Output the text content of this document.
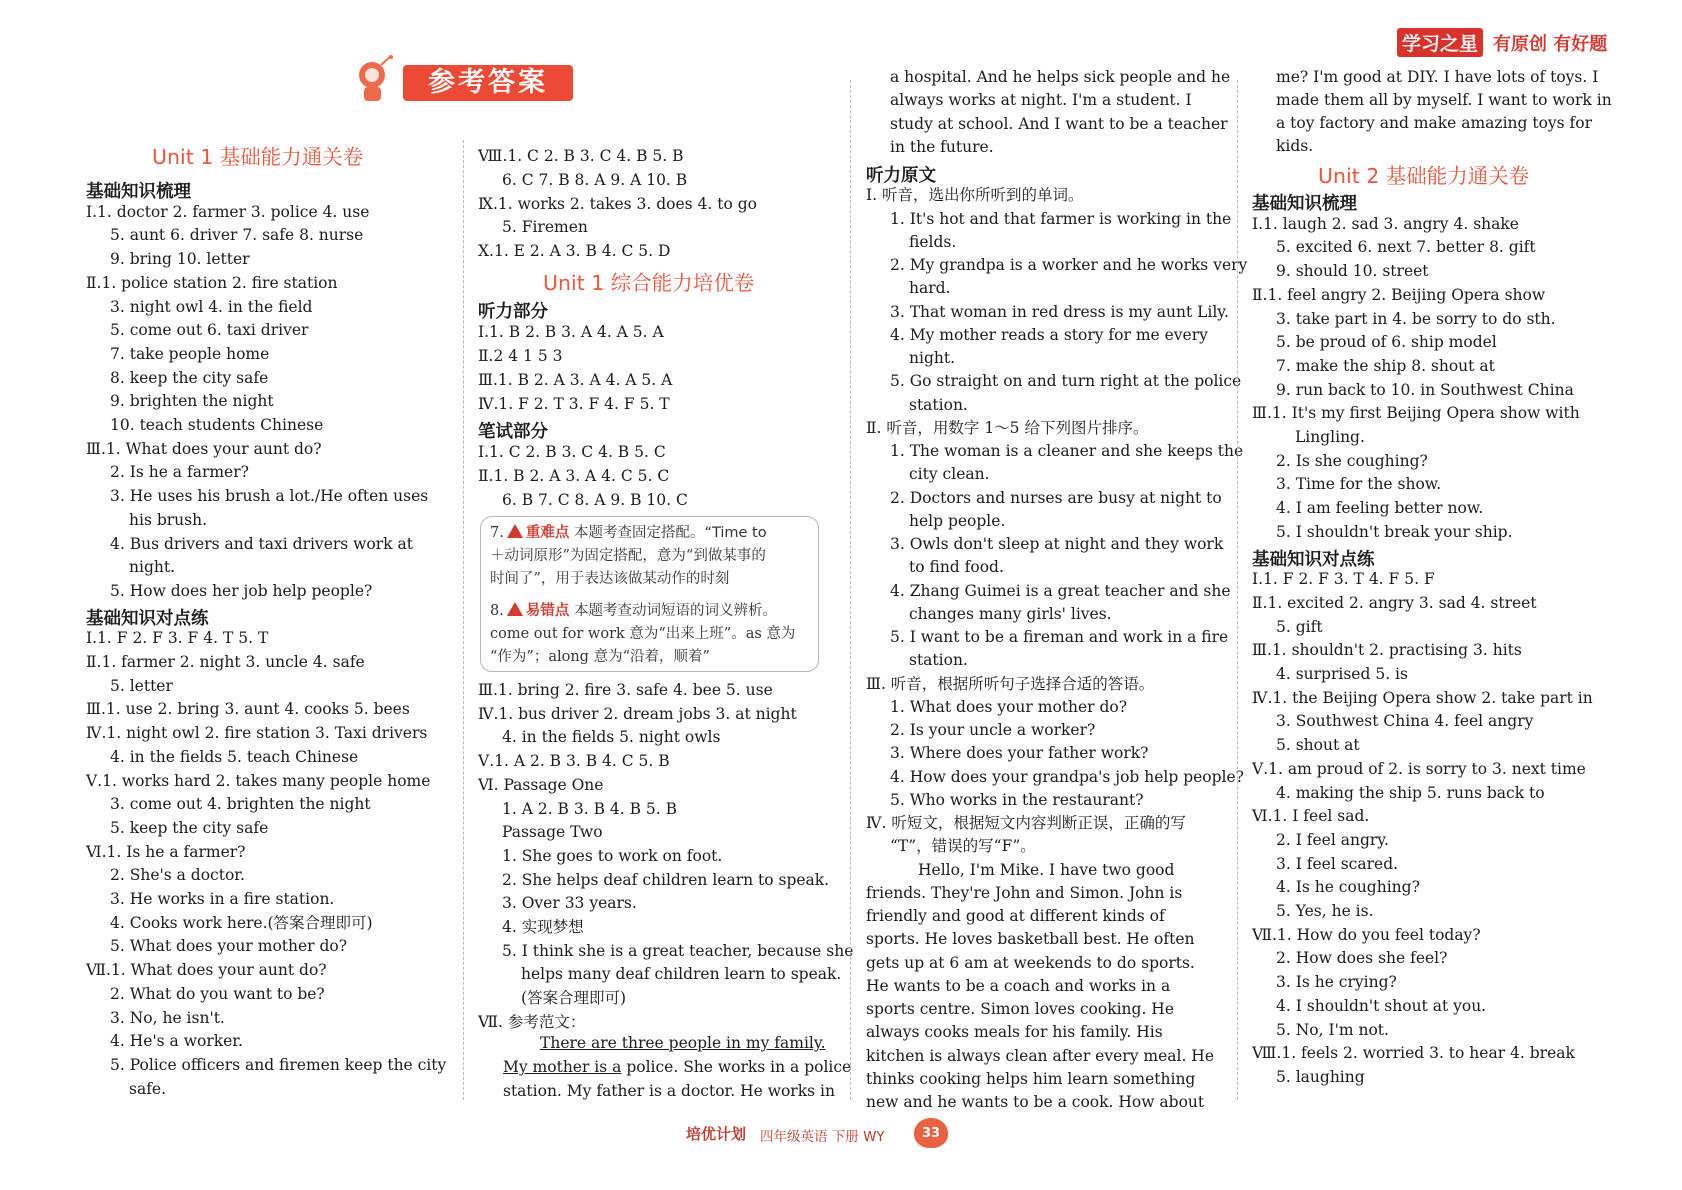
学习之星 有原创 有好题
参考答案
Unit 1 基础能力通关卷
基础知识梳理
Ⅰ.1. doctor 2. farmer 3. police 4. use
5. aunt 6. driver 7. safe 8. nurse
9. bring 10. letter
Ⅱ.1. police station 2. fire station
3. night owl 4. in the field
5. come out 6. taxi driver
7. take people home
8. keep the city safe
9. brighten the night
10. teach students Chinese
Ⅲ.1. What does your aunt do?
2. Is he a farmer?
3. He uses his brush a lot./He often uses
his brush.
4. Bus drivers and taxi drivers work at
night.
5. How does her job help people?
基础知识对点练
Ⅰ.1. F 2. F 3. F 4. T 5. T
Ⅱ.1. farmer 2. night 3. uncle 4. safe
5. letter
Ⅲ.1. use 2. bring 3. aunt 4. cooks 5. bees
Ⅳ.1. night owl 2. fire station 3. Taxi drivers
4. in the fields 5. teach Chinese
Ⅴ.1. works hard 2. takes many people home
3. come out 4. brighten the night
5. keep the city safe
Ⅵ.1. Is he a farmer?
2. She's a doctor.
3. He works in a fire station.
4. Cooks work here.(答案合理即可)
5. What does your mother do?
Ⅶ.1. What does your aunt do?
2. What do you want to be?
3. No, he isn't.
4. He's a worker.
5. Police officers and firemen keep the city
safe.
Ⅷ.1. C 2. B 3. C 4. B 5. B
6. C 7. B 8. A 9. A 10. B
Ⅸ.1. works 2. takes 3. does 4. to go
5. Firemen
Ⅹ.1. E 2. A 3. B 4. C 5. D
Unit 1 综合能力培优卷
听力部分
Ⅰ.1. B 2. B 3. A 4. A 5. A
Ⅱ.2 4 1 5 3
Ⅲ.1. B 2. A 3. A 4. A 5. A
Ⅳ.1. F 2. T 3. F 4. F 5. T
笔试部分
Ⅰ.1. C 2. B 3. C 4. B 5. C
Ⅱ.1. B 2. A 3. A 4. C 5. C
6. B 7. C 8. A 9. B 10. C
7. 重难点 本题考查固定搭配。“Time to
＋动词原形”为固定搭配，意为“到做某事的
时间了”，用于表达该做某动作的时刻
8. 易错点 本题考查动词短语的词义辨析。
come out for work 意为“出来上班”。as 意为
“作为”；along 意为“沿着，顺着”
Ⅲ.1. bring 2. fire 3. safe 4. bee 5. use
Ⅳ.1. bus driver 2. dream jobs 3. at night
4. in the fields 5. night owls
Ⅴ.1. A 2. B 3. B 4. C 5. B
Ⅵ. Passage One
1. A 2. B 3. B 4. B 5. B
Passage Two
1. She goes to work on foot.
2. She helps deaf children learn to speak.
3. Over 33 years.
4. 实现梦想
5. I think she is a great teacher, because she
helps many deaf children learn to speak.
(答案合理即可)
Ⅶ. 参考范文：
There are three people in my family.
My mother is a police. She works in a police
station. My father is a doctor. He works in
a hospital. And he helps sick people and he
always works at night. I'm a student. I
study at school. And I want to be a teacher
in the future.
听力原文
Ⅰ. 听音，选出你所听到的单词。
1. It's hot and that farmer is working in the
fields.
2. My grandpa is a worker and he works very
hard.
3. That woman in red dress is my aunt Lily.
4. My mother reads a story for me every
night.
5. Go straight on and turn right at the police
station.
Ⅱ. 听音，用数字 1～5 给下列图片排序。
1. The woman is a cleaner and she keeps the
city clean.
2. Doctors and nurses are busy at night to
help people.
3. Owls don't sleep at night and they work
to find food.
4. Zhang Guimei is a great teacher and she
changes many girls' lives.
5. I want to be a fireman and work in a fire
station.
Ⅲ. 听音，根据所听句子选择合适的答语。
1. What does your mother do?
2. Is your uncle a worker?
3. Where does your father work?
4. How does your grandpa's job help people?
5. Who works in the restaurant?
Ⅳ. 听短文，根据短文内容判断正误，正确的写
“T”，错误的写“F”。
Hello, I'm Mike. I have two good
friends. They're John and Simon. John is
friendly and good at different kinds of
sports. He loves basketball best. He often
gets up at 6 am at weekends to do sports.
He wants to be a coach and works in a
sports centre. Simon loves cooking. He
always cooks meals for his family. His
kitchen is always clean after every meal. He
thinks cooking helps him learn something
new and he wants to be a cook. How about
me? I'm good at DIY. I have lots of toys. I
made them all by myself. I want to work in
a toy factory and make amazing toys for
kids.
Unit 2 基础能力通关卷
基础知识梳理
Ⅰ.1. laugh 2. sad 3. angry 4. shake
5. excited 6. next 7. better 8. gift
9. should 10. street
Ⅱ.1. feel angry 2. Beijing Opera show
3. take part in 4. be sorry to do sth.
5. be proud of 6. ship model
7. make the ship 8. shout at
9. run back to 10. in Southwest China
Ⅲ.1. It's my first Beijing Opera show with
Lingling.
2. Is she coughing?
3. Time for the show.
4. I am feeling better now.
5. I shouldn't break your ship.
基础知识对点练
Ⅰ.1. F 2. F 3. T 4. F 5. F
Ⅱ.1. excited 2. angry 3. sad 4. street
5. gift
Ⅲ.1. shouldn't 2. practising 3. hits
4. surprised 5. is
Ⅳ.1. the Beijing Opera show 2. take part in
3. Southwest China 4. feel angry
5. shout at
Ⅴ.1. am proud of 2. is sorry to 3. next time
4. making the ship 5. runs back to
Ⅵ.1. I feel sad.
2. I feel angry.
3. I feel scared.
4. Is he coughing?
5. Yes, he is.
Ⅶ.1. How do you feel today?
2. How does she feel?
3. Is he crying?
4. I shouldn't shout at you.
5. No, I'm not.
Ⅷ.1. feels 2. worried 3. to hear 4. break
5. laughing
培优计划 四年级英语 下册 WY	33
